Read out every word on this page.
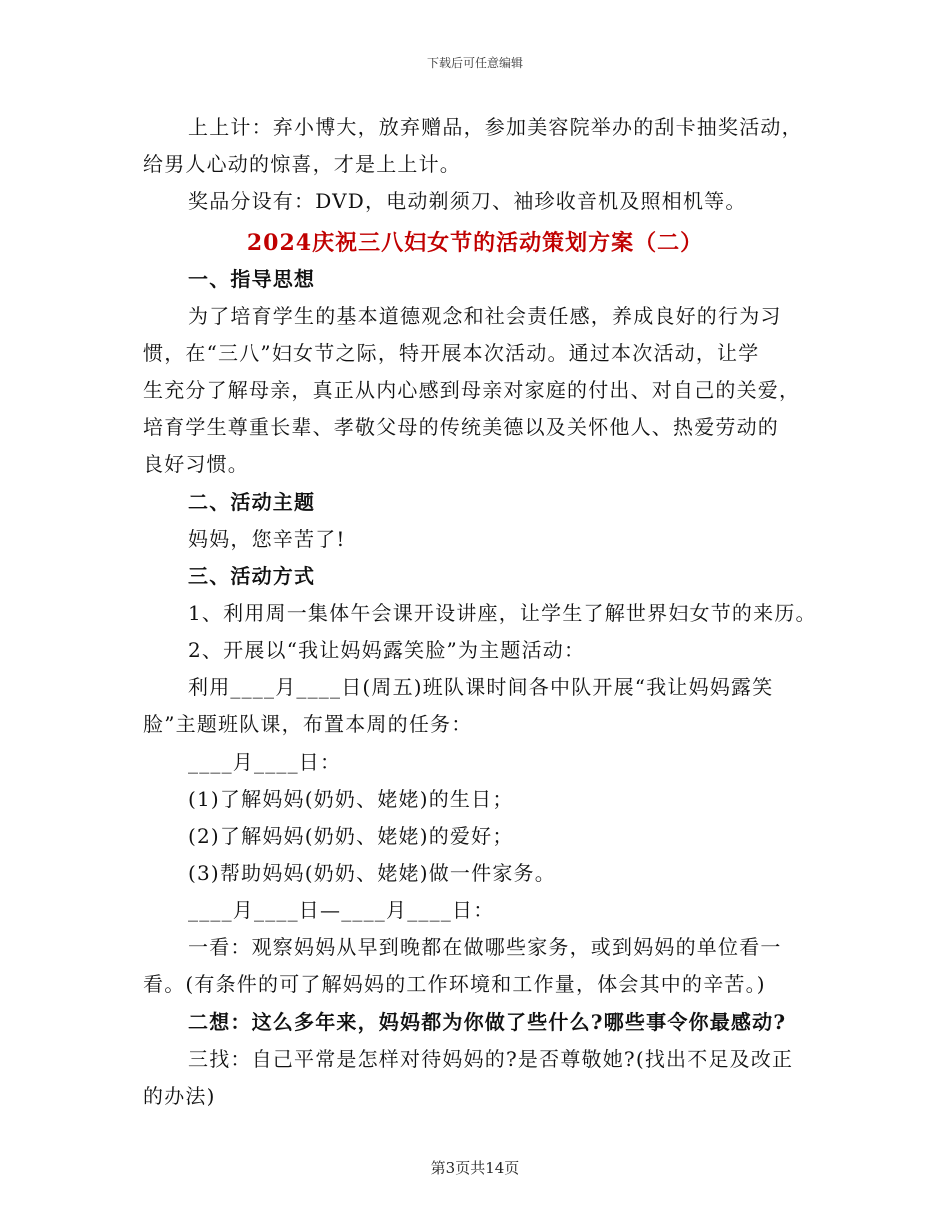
下载后可任意编辑
上上计：弃小博大，放弃赠品，参加美容院举办的刮卡抽奖活动，
给男人心动的惊喜，才是上上计。
奖品分设有：DVD，电动剃须刀、袖珍收音机及照相机等。
2024庆祝三八妇女节的活动策划方案（二）
一、指导思想
为了培育学生的基本道德观念和社会责任感，养成良好的行为习
惯，在“三八”妇女节之际，特开展本次活动。通过本次活动，让学
生充分了解母亲，真正从内心感到母亲对家庭的付出、对自己的关爱，
培育学生尊重长辈、孝敬父母的传统美德以及关怀他人、热爱劳动的
良好习惯。
二、活动主题
妈妈，您辛苦了!
三、活动方式
1、利用周一集体午会课开设讲座，让学生了解世界妇女节的来历。
2、开展以“我让妈妈露笑脸”为主题活动：
利用____月____日(周五)班队课时间各中队开展“我让妈妈露笑
脸”主题班队课，布置本周的任务：
____月____日：
(1)了解妈妈(奶奶、姥姥)的生日；
(2)了解妈妈(奶奶、姥姥)的爱好；
(3)帮助妈妈(奶奶、姥姥)做一件家务。
____月____日—____月____日：
一看：观察妈妈从早到晚都在做哪些家务，或到妈妈的单位看一
看。(有条件的可了解妈妈的工作环境和工作量，体会其中的辛苦。)
二想：这么多年来，妈妈都为你做了些什么?哪些事令你最感动?
三找：自己平常是怎样对待妈妈的?是否尊敬她?(找出不足及改正
的办法)
第3页共14页
